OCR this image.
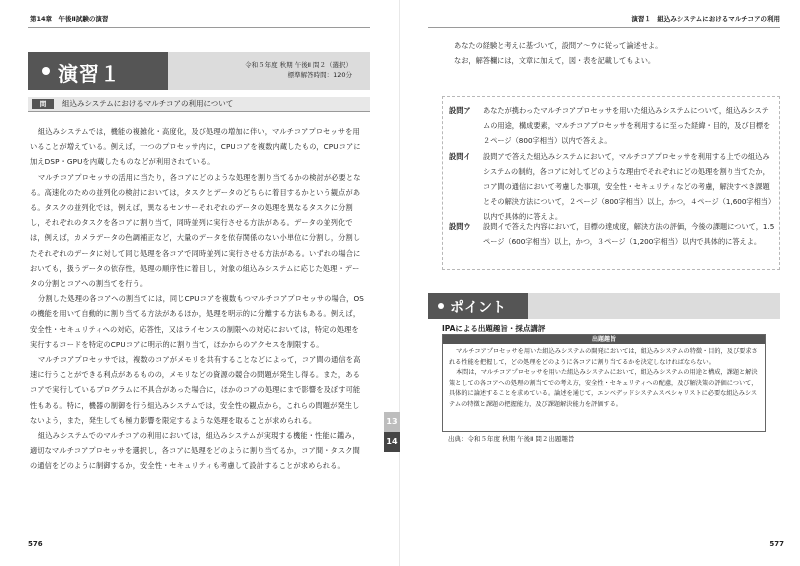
第14章　午後Ⅱ試験の演習
演習１	令和５年度 秋期 午後Ⅱ 問２（選択）
標準解答時間：120分
問	組込みシステムにおけるマルチコアの利用について

組込みシステムでは，機能の複雑化・高度化，及び処理の増加に伴い，マルチコアプロセッサを用いることが増えている。例えば，一つのプロセッサ内に，CPUコアを複数内蔵したもの，CPUコアに加えDSP・GPUを内蔵したものなどが利用されている。

マルチコアプロセッサの活用に当たり，各コアにどのような処理を割り当てるかの検討が必要となる。高速化のための並列化の検討においては，タスクとデータのどちらに着目するかという観点がある。タスクの並列化では，例えば，異なるセンサーそれぞれのデータの処理を異なるタスクに分割し，それぞれのタスクを各コアに割り当て，同時並列に実行させる方法がある。データの並列化では，例えば，カメラデータの色調補正など，大量のデータを依存関係のない小単位に分割し，分割したそれぞれのデータに対して同じ処理を各コアで同時並列に実行させる方法がある。いずれの場合においても，扱うデータの依存性，処理の順序性に着目し，対象の組込みシステムに応じた処理・データの分割とコアへの割当てを行う。

分割した処理の各コアへの割当てには，同じCPUコアを複数もつマルチコアプロセッサの場合，OSの機能を用いて自動的に割り当てる方法があるほか，処理を明示的に分離する方法もある。例えば，安全性・セキュリティへの対応，応答性，又はライセンスの制限への対応においては，特定の処理を実行するコードを特定のCPUコアに明示的に割り当て，ほかからのアクセスを制限する。

マルチコアプロセッサでは，複数のコアがメモリを共有することなどによって，コア間の通信を高速に行うことができる利点があるものの，メモリなどの資源の競合の問題が発生し得る。また，あるコアで実行しているプログラムに不具合があった場合に，ほかのコアの処理にまで影響を及ぼす可能性もある。特に，機器の制御を行う組込みシステムでは，安全性の観点から，これらの問題が発生しないよう，また，発生しても極力影響を限定するような処理を取ることが求められる。

組込みシステムでのマルチコアの利用においては，組込みシステムが実現する機能・性能に鑑み，適切なマルチコアプロセッサを選択し，各コアに処理をどのように割り当てるか，コア間・タスク間の通信をどのように制御するか，安全性・セキュリティも考慮して設計することが求められる。

576
演習１　組込みシステムにおけるマルチコアの利用

あなたの経験と考えに基づいて，設問ア〜ウに従って論述せよ。

なお，解答欄には，文章に加えて，図・表を記載してもよい。

設問ア あなたが携わったマルチコアプロセッサを用いた組込みシステムについて，組込みシステムの用途，構成要素，マルチコアプロセッサを利用するに至った経緯・目的，及び目標を２ページ（800字相当）以内で答えよ。

設問イ 設問アで答えた組込みシステムにおいて，マルチコアプロセッサを利用する上での組込みシステムの制約，各コアに対してどのような理由でそれぞれにどの処理を割り当てたか，コア間の通信において考慮した事項，安全性・セキュリティなどの考慮，解決すべき課題とその解決方法について，２ページ（800字相当）以上，かつ，４ページ（1,600字相当）以内で具体的に答えよ。

設問ウ 設問イで答えた内容において，目標の達成度，解決方法の評価，今後の課題について，1.5ページ（600字相当）以上，かつ，３ページ（1,200字相当）以内で具体的に答えよ。

ポイント
IPAによる出題趣旨・採点講評
出題趣旨

マルチコアプロセッサを用いた組込みシステムの開発においては，組込みシステムの特徴・目的，及び要求される性能を把握して，どの処理をどのように各コアに割り当てるかを決定しなければならない。

本問は，マルチコアプロセッサを用いた組込みシステムにおいて，組込みシステムの用途と構成，課題と解決策としての各コアへの処理の割当てでの考え方，安全性・セキュリティへの配慮，及び解決策の評価について，具体的に論述することを求めている。論述を通じて，エンベデッドシステムスペシャリストに必要な組込みシステムの特徴と課題の把握能力，及び課題解決能力を評価する。

出典：令和５年度 秋期 午後Ⅱ 問２出題趣旨
577
13
14
